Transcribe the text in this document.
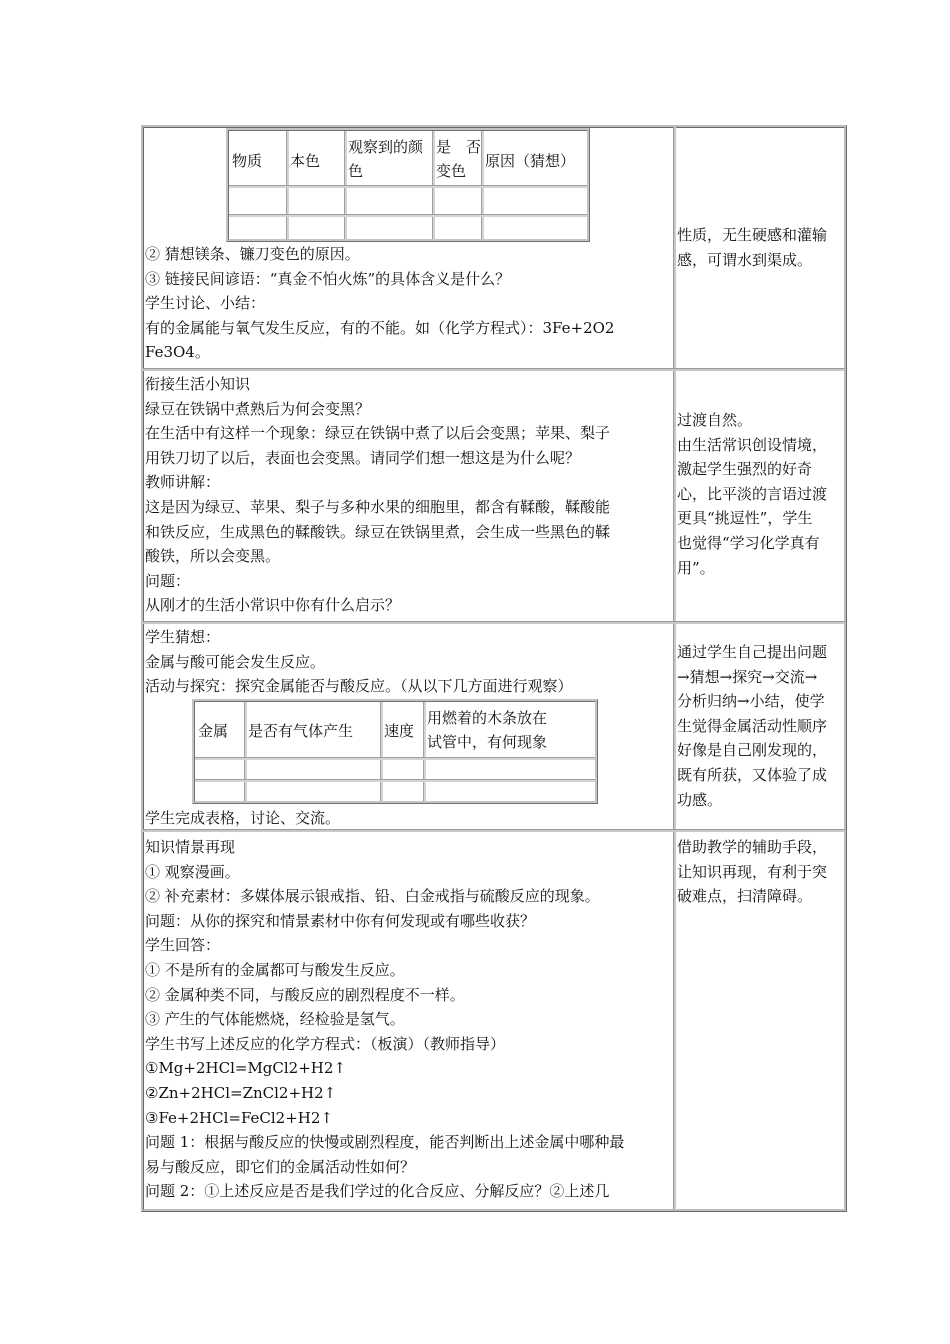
物质 本色
观察到的颜
色
是　否
变色
原因（猜想）

② 猜想镁条、镰刀变色的原因。

③ 链接民间谚语：“真金不怕火炼”的具体含义是什么？

学生讨论、小结：

有的金属能与氧气发生反应，有的不能。如（化学方程式）：3Fe+2O2

Fe3O4。

性质，无生硬感和灌输

感，可谓水到渠成。

衔接生活小知识

绿豆在铁锅中煮熟后为何会变黑？

在生活中有这样一个现象：绿豆在铁锅中煮了以后会变黑；苹果、梨子

用铁刀切了以后，表面也会变黑。请同学们想一想这是为什么呢？

教师讲解：

这是因为绿豆、苹果、梨子与多种水果的细胞里，都含有鞣酸，鞣酸能

和铁反应，生成黑色的鞣酸铁。绿豆在铁锅里煮，会生成一些黑色的鞣

酸铁，所以会变黑。

问题：

从刚才的生活小常识中你有什么启示？

过渡自然。

由生活常识创设情境，

激起学生强烈的好奇

心，比平淡的言语过渡

更具“挑逗性”，学生

也觉得“学习化学真有

用”。

学生猜想：

金属与酸可能会发生反应。

活动与探究：探究金属能否与酸反应。（从以下几方面进行观察）

金属 是否有气体产生 速度
用燃着的木条放在
试管中，有何现象

学生完成表格，讨论、交流。

通过学生自己提出问题

→猜想→探究→交流→

分析归纳→小结，使学

生觉得金属活动性顺序

好像是自己刚发现的，

既有所获，又体验了成

功感。

知识情景再现

① 观察漫画。

② 补充素材：多媒体展示银戒指、铅、白金戒指与硫酸反应的现象。

问题：从你的探究和情景素材中你有何发现或有哪些收获？

学生回答：

① 不是所有的金属都可与酸发生反应。

② 金属种类不同，与酸反应的剧烈程度不一样。

③ 产生的气体能燃烧，经检验是氢气。

学生书写上述反应的化学方程式：（板演）（教师指导）

①Mg+2HCl=MgCl2+H2↑

②Zn+2HCl=ZnCl2+H2↑

③Fe+2HCl=FeCl2+H2↑

问题 1：根据与酸反应的快慢或剧烈程度，能否判断出上述金属中哪种最

易与酸反应，即它们的金属活动性如何？

问题 2：①上述反应是否是我们学过的化合反应、分解反应？②上述几

借助教学的辅助手段，

让知识再现，有利于突

破难点，扫清障碍。
